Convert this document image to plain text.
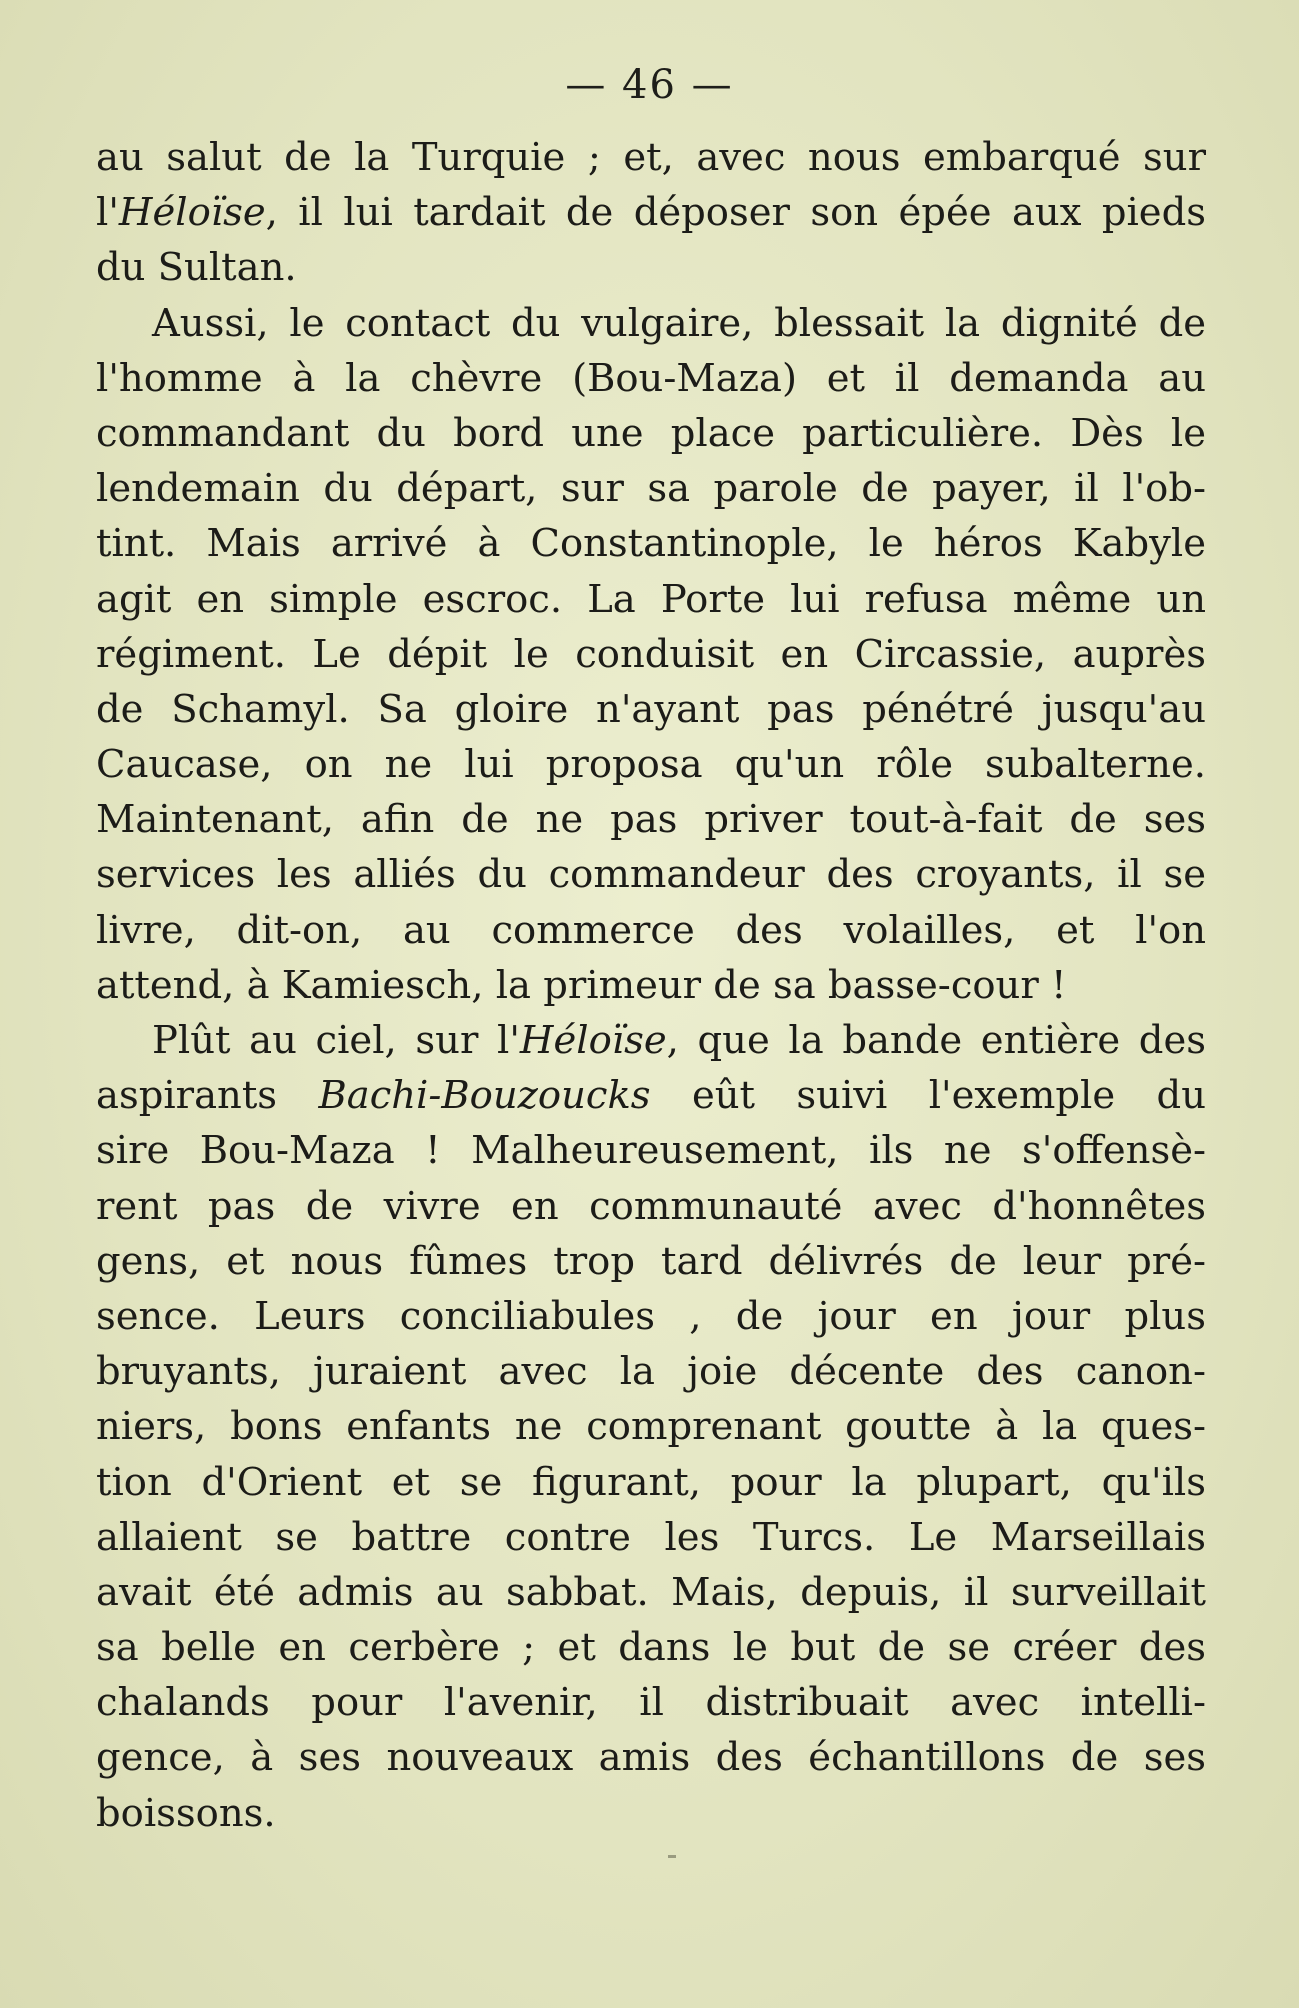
— 46 —
au salut de la Turquie ; et, avec nous embarqué sur
l'Héloïse, il lui tardait de déposer son épée aux pieds
du Sultan.
Aussi, le contact du vulgaire, blessait la dignité de
l'homme à la chèvre (Bou-Maza) et il demanda au
commandant du bord une place particulière. Dès le
lendemain du départ, sur sa parole de payer, il l'ob-
tint. Mais arrivé à Constantinople, le héros Kabyle
agit en simple escroc. La Porte lui refusa même un
régiment. Le dépit le conduisit en Circassie, auprès
de Schamyl. Sa gloire n'ayant pas pénétré jusqu'au
Caucase, on ne lui proposa qu'un rôle subalterne.
Maintenant, afin de ne pas priver tout-à-fait de ses
services les alliés du commandeur des croyants, il se
livre, dit-on, au commerce des volailles, et l'on
attend, à Kamiesch, la primeur de sa basse-cour !
Plût au ciel, sur l'Héloïse, que la bande entière des
aspirants Bachi-Bouzoucks eût suivi l'exemple du
sire Bou-Maza ! Malheureusement, ils ne s'offensè-
rent pas de vivre en communauté avec d'honnêtes
gens, et nous fûmes trop tard délivrés de leur pré-
sence. Leurs conciliabules , de jour en jour plus
bruyants, juraient avec la joie décente des canon-
niers, bons enfants ne comprenant goutte à la ques-
tion d'Orient et se figurant, pour la plupart, qu'ils
allaient se battre contre les Turcs. Le Marseillais
avait été admis au sabbat. Mais, depuis, il surveillait
sa belle en cerbère ; et dans le but de se créer des
chalands pour l'avenir, il distribuait avec intelli-
gence, à ses nouveaux amis des échantillons de ses
boissons.
